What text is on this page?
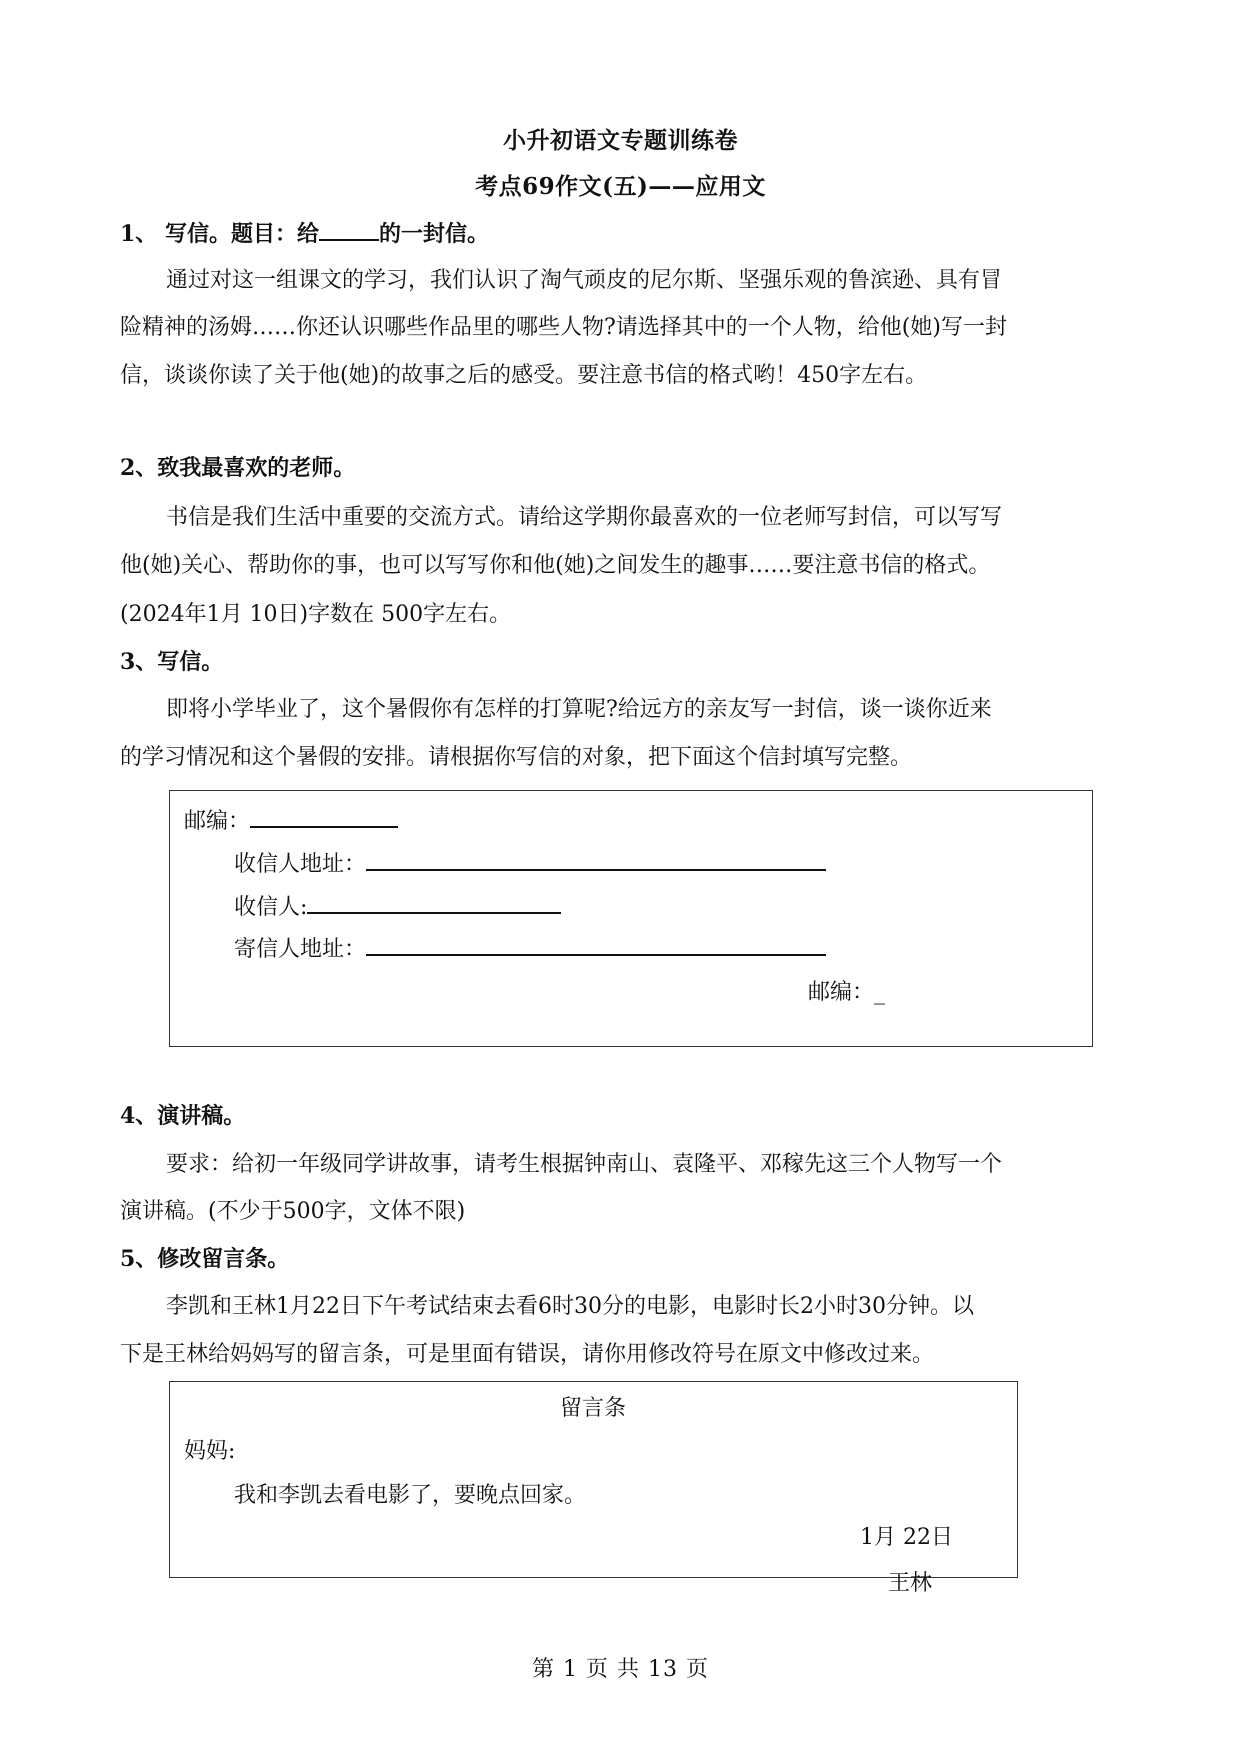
小升初语文专题训练卷
考点69作文(五)——应用文
1、 写信。题目：给	的一封信。
通过对这一组课文的学习，我们认识了淘气顽皮的尼尔斯、坚强乐观的鲁滨逊、具有冒
险精神的汤姆……你还认识哪些作品里的哪些人物?请选择其中的一个人物，给他(她)写一封
信，谈谈你读了关于他(她)的故事之后的感受。要注意书信的格式哟！450字左右。
2、致我最喜欢的老师。
书信是我们生活中重要的交流方式。请给这学期你最喜欢的一位老师写封信，可以写写
他(她)关心、帮助你的事，也可以写写你和他(她)之间发生的趣事……要注意书信的格式。
(2024年1月 10日)字数在 500字左右。
3、写信。
即将小学毕业了，这个暑假你有怎样的打算呢?给远方的亲友写一封信，谈一谈你近来
的学习情况和这个暑假的安排。请根据你写信的对象，把下面这个信封填写完整。
邮编：
收信人地址：
收信人:
寄信人地址：
邮编：_
4、演讲稿。
要求：给初一年级同学讲故事，请考生根据钟南山、袁隆平、邓稼先这三个人物写一个
演讲稿。(不少于500字，文体不限)
5、修改留言条。
李凯和王林1月22日下午考试结束去看6时30分的电影，电影时长2小时30分钟。以
下是王林给妈妈写的留言条，可是里面有错误，请你用修改符号在原文中修改过来。
留言条
妈妈:
我和李凯去看电影了，要晚点回家。
1月 22日
王林
第 1 页 共 13 页
